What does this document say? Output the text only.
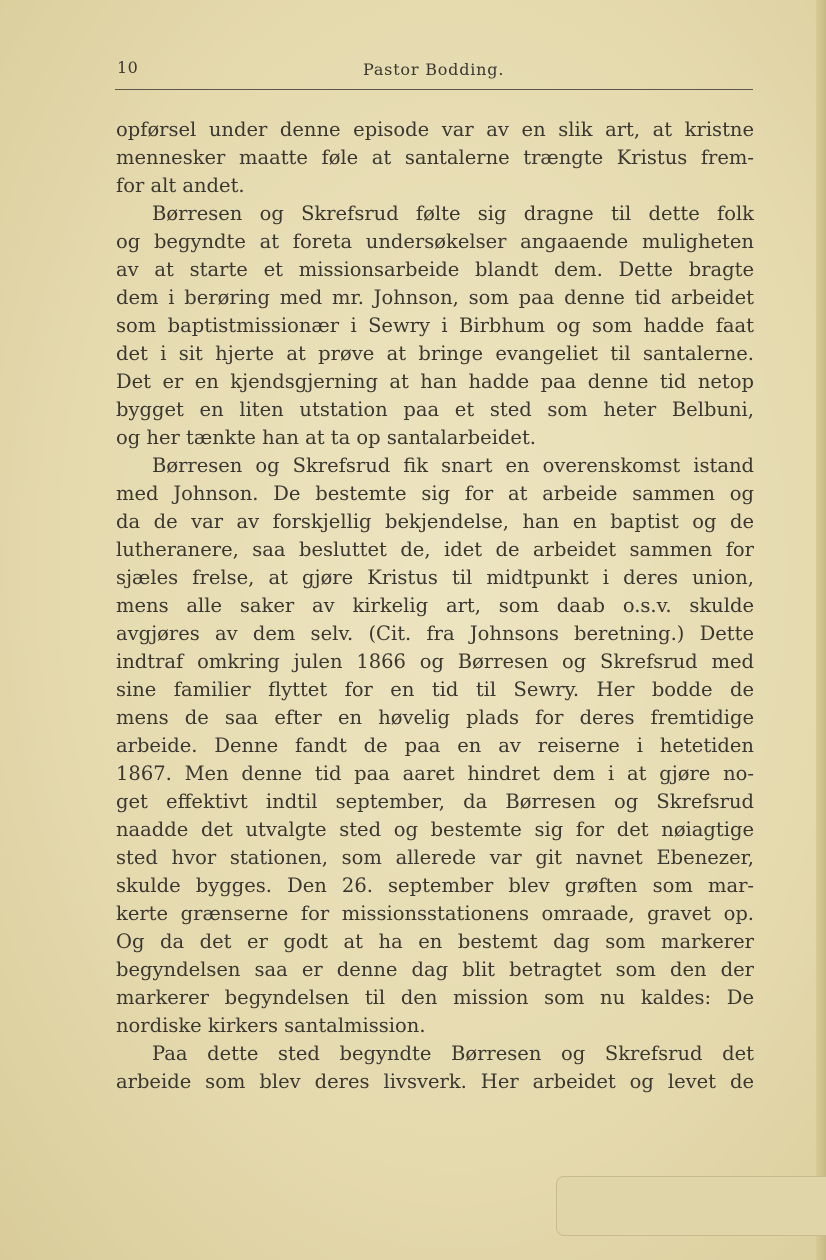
10	Pastor Bodding.
opførsel under denne episode var av en slik art, at kristne
mennesker maatte føle at santalerne trængte Kristus frem-
for alt andet.
Børresen og Skrefsrud følte sig dragne til dette folk
og begyndte at foreta undersøkelser angaaende muligheten
av at starte et missionsarbeide blandt dem. Dette bragte
dem i berøring med mr. Johnson, som paa denne tid arbeidet
som baptistmissionær i Sewry i Birbhum og som hadde faat
det i sit hjerte at prøve at bringe evangeliet til santalerne.
Det er en kjendsgjerning at han hadde paa denne tid netop
bygget en liten utstation paa et sted som heter Belbuni,
og her tænkte han at ta op santalarbeidet.
Børresen og Skrefsrud fik snart en overenskomst istand
med Johnson. De bestemte sig for at arbeide sammen og
da de var av forskjellig bekjendelse, han en baptist og de
lutheranere, saa besluttet de, idet de arbeidet sammen for
sjæles frelse, at gjøre Kristus til midtpunkt i deres union,
mens alle saker av kirkelig art, som daab o.s.v. skulde
avgjøres av dem selv. (Cit. fra Johnsons beretning.) Dette
indtraf omkring julen 1866 og Børresen og Skrefsrud med
sine familier flyttet for en tid til Sewry. Her bodde de
mens de saa efter en høvelig plads for deres fremtidige
arbeide. Denne fandt de paa en av reiserne i hetetiden
1867. Men denne tid paa aaret hindret dem i at gjøre no-
get effektivt indtil september, da Børresen og Skrefsrud
naadde det utvalgte sted og bestemte sig for det nøiagtige
sted hvor stationen, som allerede var git navnet Ebenezer,
skulde bygges. Den 26. september blev grøften som mar-
kerte grænserne for missionsstationens omraade, gravet op.
Og da det er godt at ha en bestemt dag som markerer
begyndelsen saa er denne dag blit betragtet som den der
markerer begyndelsen til den mission som nu kaldes: De
nordiske kirkers santalmission.
Paa dette sted begyndte Børresen og Skrefsrud det
arbeide som blev deres livsverk. Her arbeidet og levet de
